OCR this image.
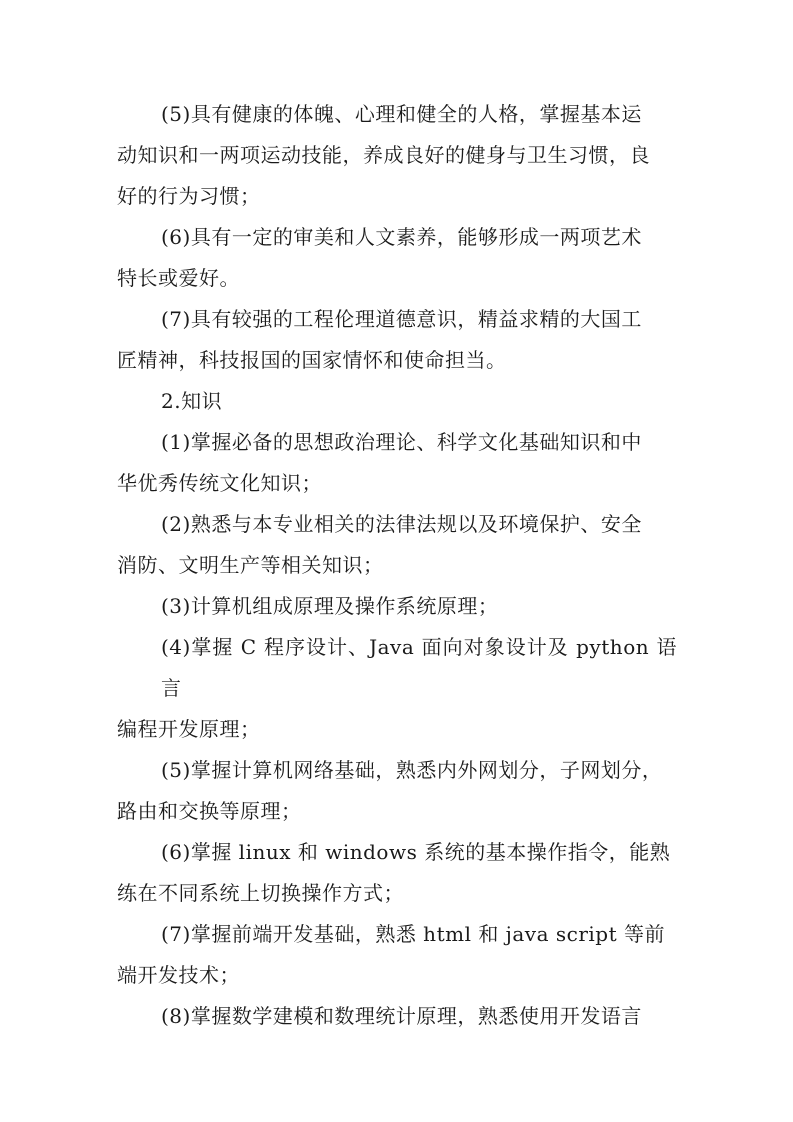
(5)具有健康的体魄、心理和健全的人格，掌握基本运
动知识和一两项运动技能，养成良好的健身与卫生习惯，良
好的行为习惯；

(6)具有一定的审美和人文素养，能够形成一两项艺术
特长或爱好。

(7)具有较强的工程伦理道德意识，精益求精的大国工
匠精神，科技报国的国家情怀和使命担当。

2.知识

(1)掌握必备的思想政治理论、科学文化基础知识和中
华优秀传统文化知识；

(2)熟悉与本专业相关的法律法规以及环境保护、安全
消防、文明生产等相关知识；

(3)计算机组成原理及操作系统原理；

(4)掌握 C 程序设计、Java 面向对象设计及 python 语言
编程开发原理；

(5)掌握计算机网络基础，熟悉内外网划分，子网划分，
路由和交换等原理；

(6)掌握 linux 和 windows 系统的基本操作指令，能熟
练在不同系统上切换操作方式；

(7)掌握前端开发基础，熟悉 html 和 java script 等前
端开发技术；

(8)掌握数学建模和数理统计原理，熟悉使用开发语言
